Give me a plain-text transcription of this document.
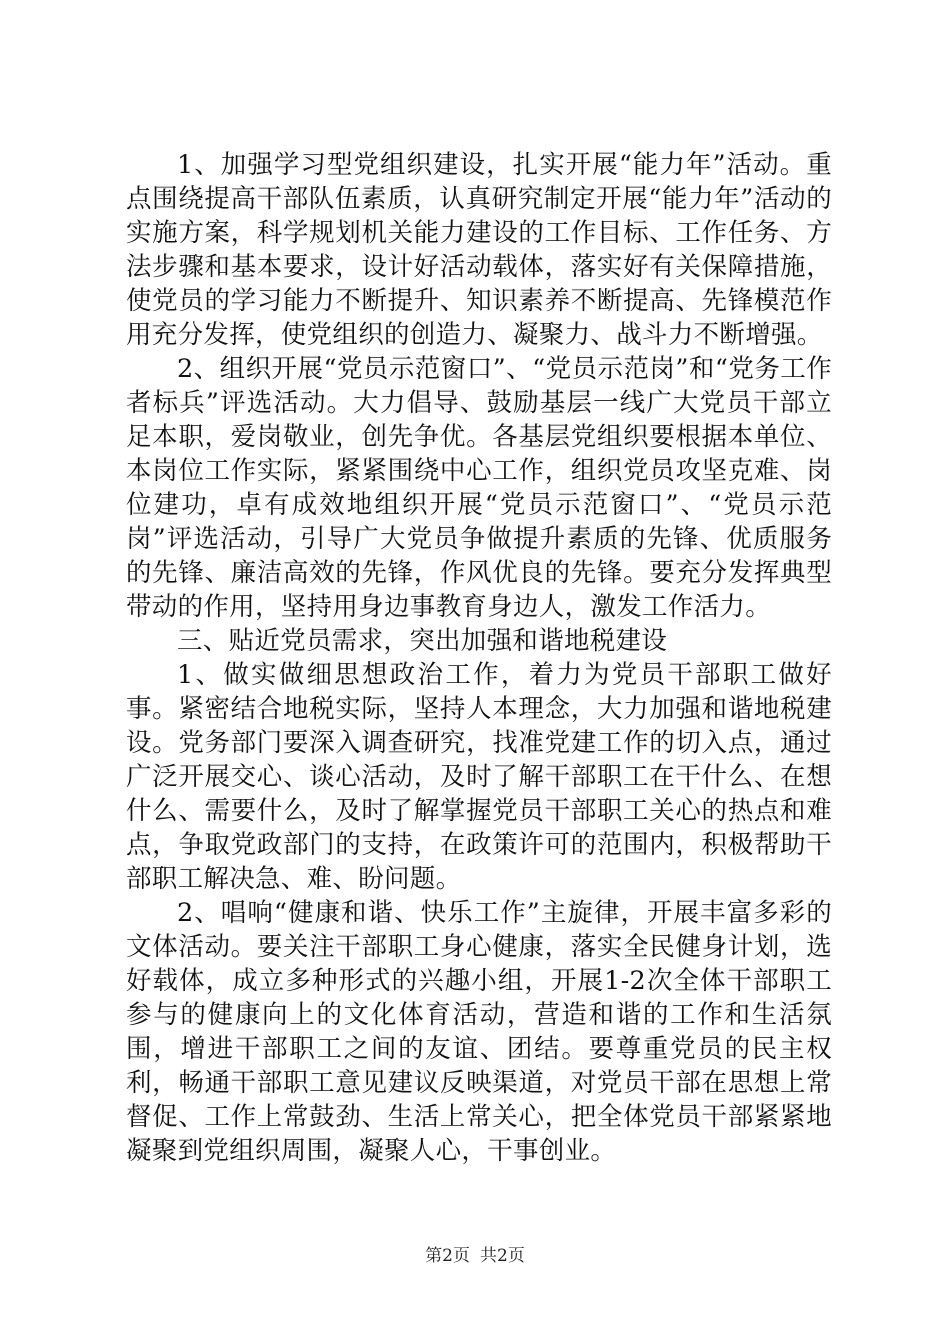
1、加强学习型党组织建设，扎实开展“能力年”活动。重点围绕提高干部队伍素质，认真研究制定开展“能力年”活动的实施方案，科学规划机关能力建设的工作目标、工作任务、方法步骤和基本要求，设计好活动载体，落实好有关保障措施，使党员的学习能力不断提升、知识素养不断提高、先锋模范作用充分发挥，使党组织的创造力、凝聚力、战斗力不断增强。

2、组织开展“党员示范窗口”、“党员示范岗”和“党务工作者标兵”评选活动。大力倡导、鼓励基层一线广大党员干部立足本职，爱岗敬业，创先争优。各基层党组织要根据本单位、本岗位工作实际，紧紧围绕中心工作，组织党员攻坚克难、岗位建功，卓有成效地组织开展“党员示范窗口”、“党员示范岗”评选活动，引导广大党员争做提升素质的先锋、优质服务的先锋、廉洁高效的先锋，作风优良的先锋。要充分发挥典型带动的作用，坚持用身边事教育身边人，激发工作活力。

三、贴近党员需求，突出加强和谐地税建设

1、做实做细思想政治工作，着力为党员干部职工做好事。紧密结合地税实际，坚持人本理念，大力加强和谐地税建设。党务部门要深入调查研究，找准党建工作的切入点，通过广泛开展交心、谈心活动，及时了解干部职工在干什么、在想什么、需要什么，及时了解掌握党员干部职工关心的热点和难点，争取党政部门的支持，在政策许可的范围内，积极帮助干部职工解决急、难、盼问题。

2、唱响“健康和谐、快乐工作”主旋律，开展丰富多彩的文体活动。要关注干部职工身心健康，落实全民健身计划，选好载体，成立多种形式的兴趣小组，开展1-2次全体干部职工参与的健康向上的文化体育活动，营造和谐的工作和生活氛围，增进干部职工之间的友谊、团结。要尊重党员的民主权利，畅通干部职工意见建议反映渠道，对党员干部在思想上常督促、工作上常鼓劲、生活上常关心，把全体党员干部紧紧地凝聚到党组织周围，凝聚人心，干事创业。

第2页 共2页
